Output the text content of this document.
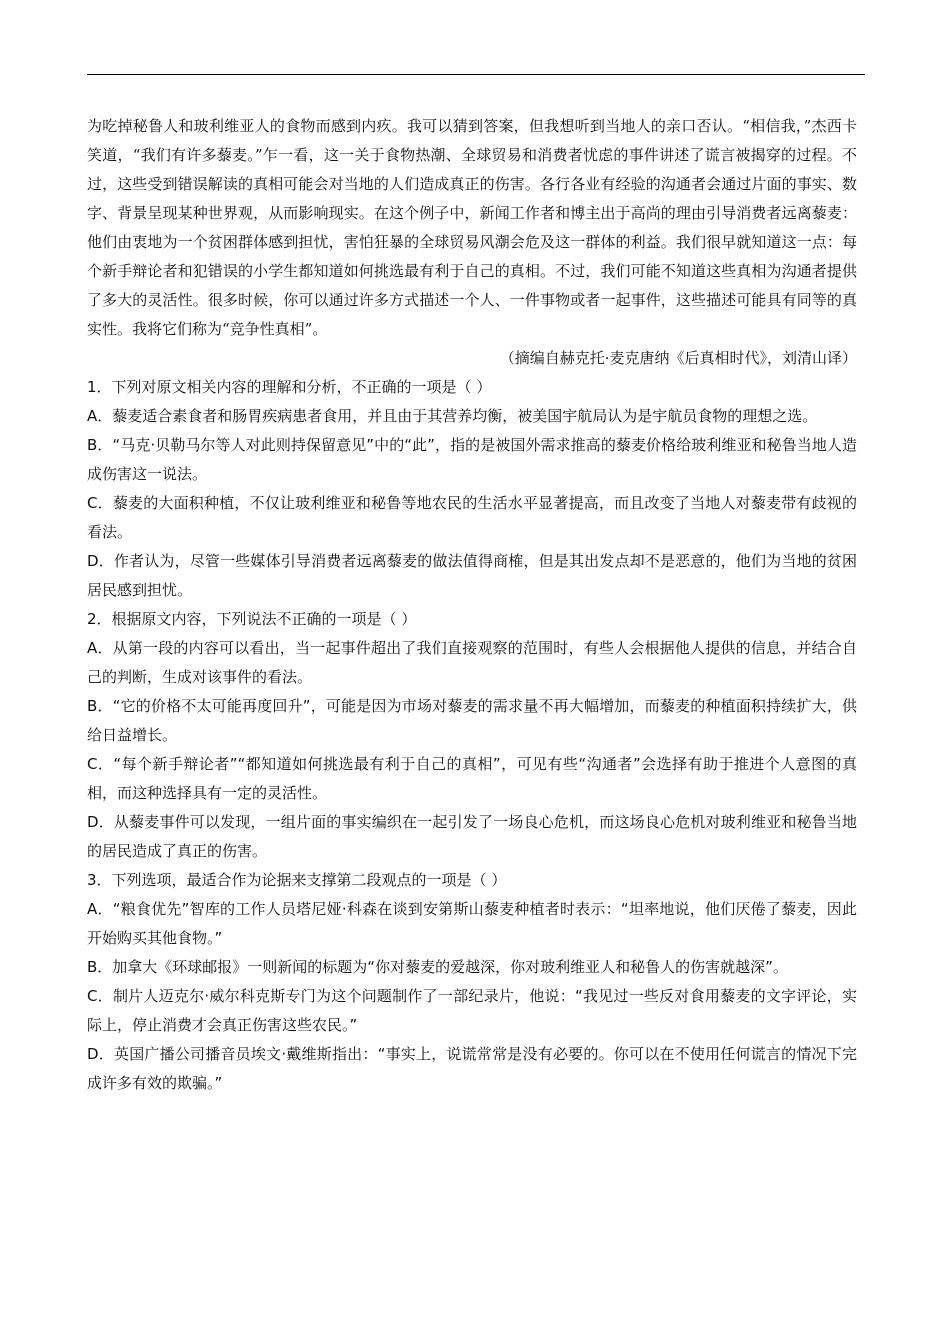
为吃掉秘鲁人和玻利维亚人的食物而感到内疚。我可以猜到答案，但我想听到当地人的亲口否认。“相信我，”杰西卡笑道，“我们有许多藜麦。”乍一看，这一关于食物热潮、全球贸易和消费者忧虑的事件讲述了谎言被揭穿的过程。不过，这些受到错误解读的真相可能会对当地的人们造成真正的伤害。各行各业有经验的沟通者会通过片面的事实、数字、背景呈现某种世界观，从而影响现实。在这个例子中，新闻工作者和博主出于高尚的理由引导消费者远离藜麦：他们由衷地为一个贫困群体感到担忧，害怕狂暴的全球贸易风潮会危及这一群体的利益。我们很早就知道这一点：每个新手辩论者和犯错误的小学生都知道如何挑选最有利于自己的真相。不过，我们可能不知道这些真相为沟通者提供了多大的灵活性。很多时候，你可以通过许多方式描述一个人、一件事物或者一起事件，这些描述可能具有同等的真实性。我将它们称为“竞争性真相”。

（摘编自赫克托·麦克唐纳《后真相时代》，刘清山译）

1．下列对原文相关内容的理解和分析，不正确的一项是（ ）

A．藜麦适合素食者和肠胃疾病患者食用，并且由于其营养均衡，被美国宇航局认为是宇航员食物的理想之选。

B．“马克·贝勒马尔等人对此则持保留意见”中的“此”，指的是被国外需求推高的藜麦价格给玻利维亚和秘鲁当地人造成伤害这一说法。

C．藜麦的大面积种植，不仅让玻利维亚和秘鲁等地农民的生活水平显著提高，而且改变了当地人对藜麦带有歧视的看法。

D．作者认为，尽管一些媒体引导消费者远离藜麦的做法值得商榷，但是其出发点却不是恶意的，他们为当地的贫困居民感到担忧。

2．根据原文内容，下列说法不正确的一项是（ ）

A．从第一段的内容可以看出，当一起事件超出了我们直接观察的范围时，有些人会根据他人提供的信息，并结合自己的判断，生成对该事件的看法。

B．“它的价格不太可能再度回升”，可能是因为市场对藜麦的需求量不再大幅增加，而藜麦的种植面积持续扩大，供给日益增长。

C．“每个新手辩论者”“都知道如何挑选最有利于自己的真相”，可见有些“沟通者”会选择有助于推进个人意图的真相，而这种选择具有一定的灵活性。

D．从藜麦事件可以发现，一组片面的事实编织在一起引发了一场良心危机，而这场良心危机对玻利维亚和秘鲁当地的居民造成了真正的伤害。

3．下列选项，最适合作为论据来支撑第二段观点的一项是（ ）

A．“粮食优先”智库的工作人员塔尼娅·科森在谈到安第斯山藜麦种植者时表示：“坦率地说，他们厌倦了藜麦，因此开始购买其他食物。”

B．加拿大《环球邮报》一则新闻的标题为“你对藜麦的爱越深，你对玻利维亚人和秘鲁人的伤害就越深”。

C．制片人迈克尔·威尔科克斯专门为这个问题制作了一部纪录片，他说：“我见过一些反对食用藜麦的文字评论，实际上，停止消费才会真正伤害这些农民。”

D．英国广播公司播音员埃文·戴维斯指出：“事实上，说谎常常是没有必要的。你可以在不使用任何谎言的情况下完成许多有效的欺骗。”
